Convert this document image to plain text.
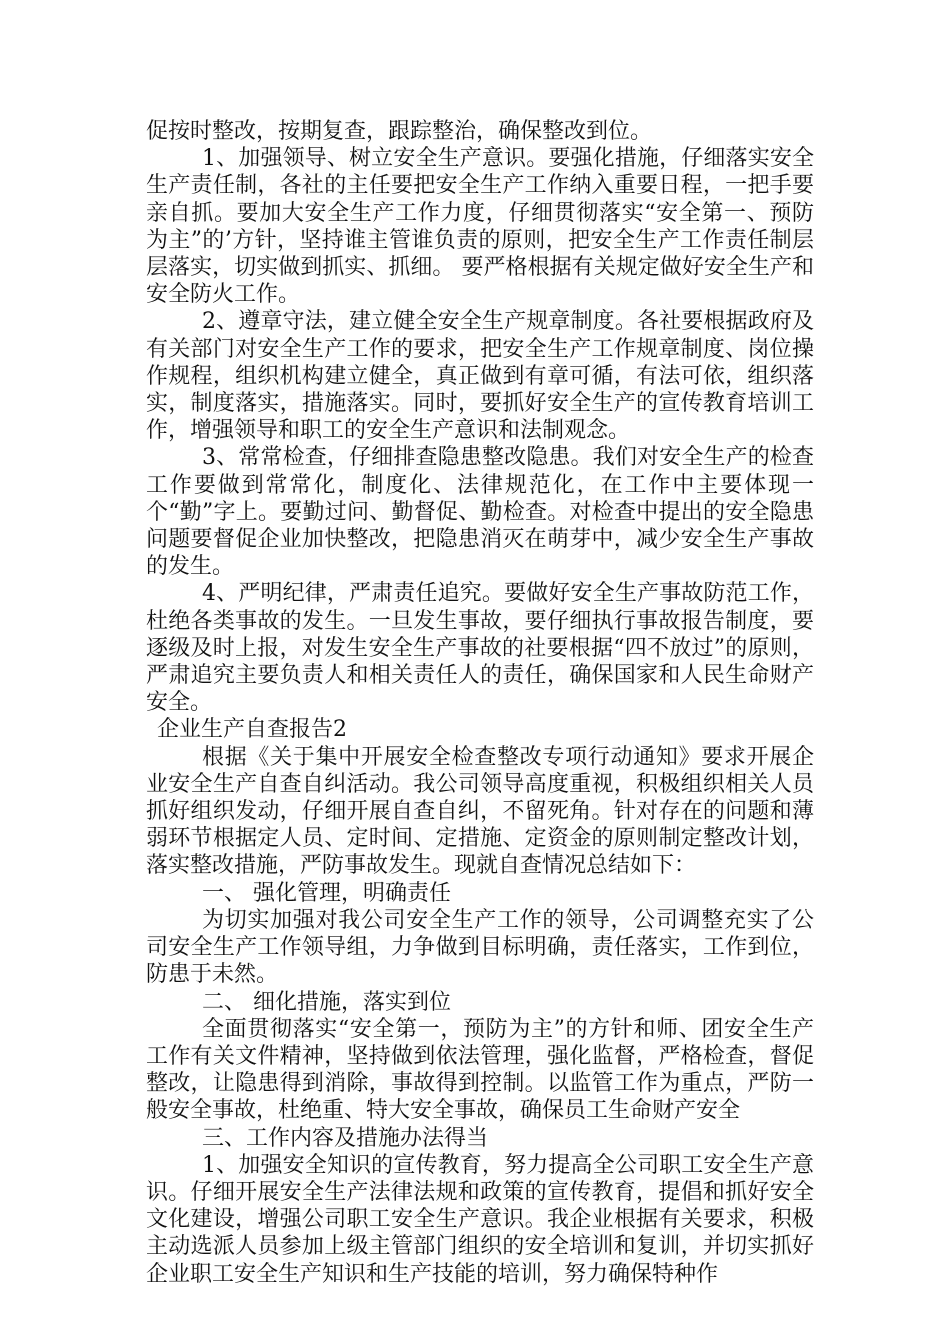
促按时整改，按期复查，跟踪整治，确保整改到位。

1、加强领导、树立安全生产意识。要强化措施，仔细落实安全生产责任制，各社的主任要把安全生产工作纳入重要日程，一把手要亲自抓。要加大安全生产工作力度，仔细贯彻落实“安全第一、预防为主”的’方针，坚持谁主管谁负责的原则，把安全生产工作责任制层层落实，切实做到抓实、抓细。 要严格根据有关规定做好安全生产和安全防火工作。

2、遵章守法，建立健全安全生产规章制度。各社要根据政府及有关部门对安全生产工作的要求，把安全生产工作规章制度、岗位操作规程，组织机构建立健全，真正做到有章可循，有法可依，组织落实，制度落实，措施落实。同时，要抓好安全生产的宣传教育培训工作，增强领导和职工的安全生产意识和法制观念。

3、常常检查，仔细排查隐患整改隐患。我们对安全生产的检查工作要做到常常化，制度化、法律规范化，在工作中主要体现一个“勤”字上。要勤过问、勤督促、勤检查。对检查中提出的安全隐患问题要督促企业加快整改，把隐患消灭在萌芽中，减少安全生产事故的发生。

4、严明纪律，严肃责任追究。要做好安全生产事故防范工作，杜绝各类事故的发生。一旦发生事故，要仔细执行事故报告制度，要逐级及时上报，对发生安全生产事故的社要根据“四不放过”的原则，严肃追究主要负责人和相关责任人的责任，确保国家和人民生命财产安全。

企业生产自查报告2

根据《关于集中开展安全检查整改专项行动通知》要求开展企业安全生产自查自纠活动。我公司领导高度重视，积极组织相关人员抓好组织发动，仔细开展自查自纠，不留死角。针对存在的问题和薄弱环节根据定人员、定时间、定措施、定资金的原则制定整改计划，落实整改措施，严防事故发生。现就自查情况总结如下：

一、 强化管理，明确责任

为切实加强对我公司安全生产工作的领导，公司调整充实了公司安全生产工作领导组，力争做到目标明确，责任落实，工作到位，防患于未然。

二、 细化措施，落实到位

全面贯彻落实“安全第一，预防为主”的方针和师、团安全生产工作有关文件精神，坚持做到依法管理，强化监督，严格检查，督促整改，让隐患得到消除，事故得到控制。以监管工作为重点，严防一般安全事故，杜绝重、特大安全事故，确保员工生命财产安全

三、工作内容及措施办法得当

1、加强安全知识的宣传教育，努力提高全公司职工安全生产意识。仔细开展安全生产法律法规和政策的宣传教育，提倡和抓好安全文化建设，增强公司职工安全生产意识。我企业根据有关要求，积极主动选派人员参加上级主管部门组织的安全培训和复训，并切实抓好企业职工安全生产知识和生产技能的培训，努力确保特种作
